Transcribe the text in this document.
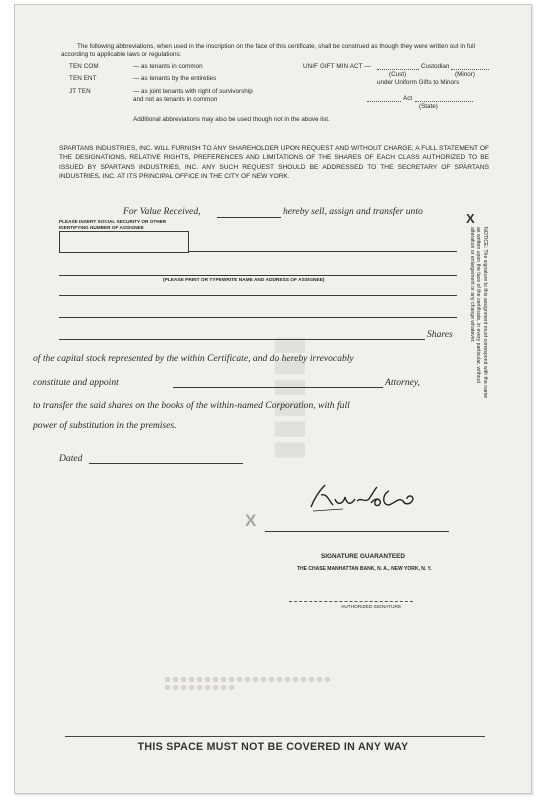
▮▮▮▮▮▮
The following abbreviations, when used in the inscription on the face of this certificate, shall be construed as though they were written out in full according to applicable laws or regulations:
TEN COM	— as tenants in common
TEN ENT	— as tenants by the entireties
JT TEN	— as joint tenants with right of survivorship and not as tenants in common
UNIF GIFT MIN ACT —	Custodian
(Cust)	(Minor)
under Uniform Gifts to Minors
Act
(State)
Additional abbreviations may also be used though not in the above list.
SPARTANS INDUSTRIES, INC. WILL FURNISH TO ANY SHAREHOLDER UPON REQUEST AND WITHOUT CHARGE, A FULL STATEMENT OF THE DESIGNATIONS, RELATIVE RIGHTS, PREFERENCES AND LIMITATIONS OF THE SHARES OF EACH CLASS AUTHORIZED TO BE ISSUED BY SPARTANS INDUSTRIES, INC. ANY SUCH REQUEST SHOULD BE ADDRESSED TO THE SECRETARY OF SPARTANS INDUSTRIES, INC. AT ITS PRINCIPAL OFFICE IN THE CITY OF NEW YORK.
For Value Received,	hereby sell, assign and transfer unto
PLEASE INSERT SOCIAL SECURITY OR OTHER IDENTIFYING NUMBER OF ASSIGNEE
(PLEASE PRINT OR TYPEWRITE NAME AND ADDRESS OF ASSIGNEE)
Shares
of the capital stock represented by the within Certificate, and do hereby irrevocably
constitute and appoint	Attorney,
to transfer the said shares on the books of the within-named Corporation, with full
power of substitution in the premises.
Dated
X
NOTICE: The signature to this assignment must correspond with the name as written upon the face of the certificate, in every particular, without alteration or enlargement or any change whatever.
X
SIGNATURE GUARANTEED
THE CHASE MANHATTAN BANK, N. A., NEW YORK, N. Y.
AUTHORIZED SIGNATURE
THIS SPACE MUST NOT BE COVERED IN ANY WAY
